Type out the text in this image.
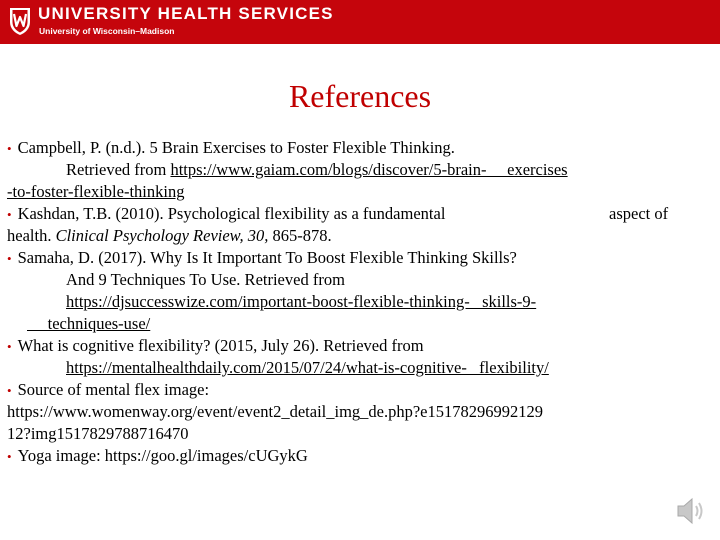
UNIVERSITY HEALTH SERVICES
University of Wisconsin–Madison
References
• Campbell, P. (n.d.). 5 Brain Exercises to Foster Flexible Thinking.
Retrieved from https://www.gaiam.com/blogs/discover/5-brain-     exercises
-to-foster-flexible-thinking
• Kashdan, T.B. (2010). Psychological flexibility as a fundamental	aspect of
health. Clinical Psychology Review, 30, 865-878.
• Samaha, D. (2017). Why Is It Important To Boost Flexible Thinking Skills?
And 9 Techniques To Use. Retrieved from
https://djsuccesswize.com/important-boost-flexible-thinking-   skills-9-
techniques-use/
• What is cognitive flexibility? (2015, July 26). Retrieved from
https://mentalhealthdaily.com/2015/07/24/what-is-cognitive-   flexibility/
• Source of mental flex image:
https://www.womenway.org/event/event2_detail_img_de.php?e15178296992129
12?img1517829788716470
• Yoga image: https://goo.gl/images/cUGykG
